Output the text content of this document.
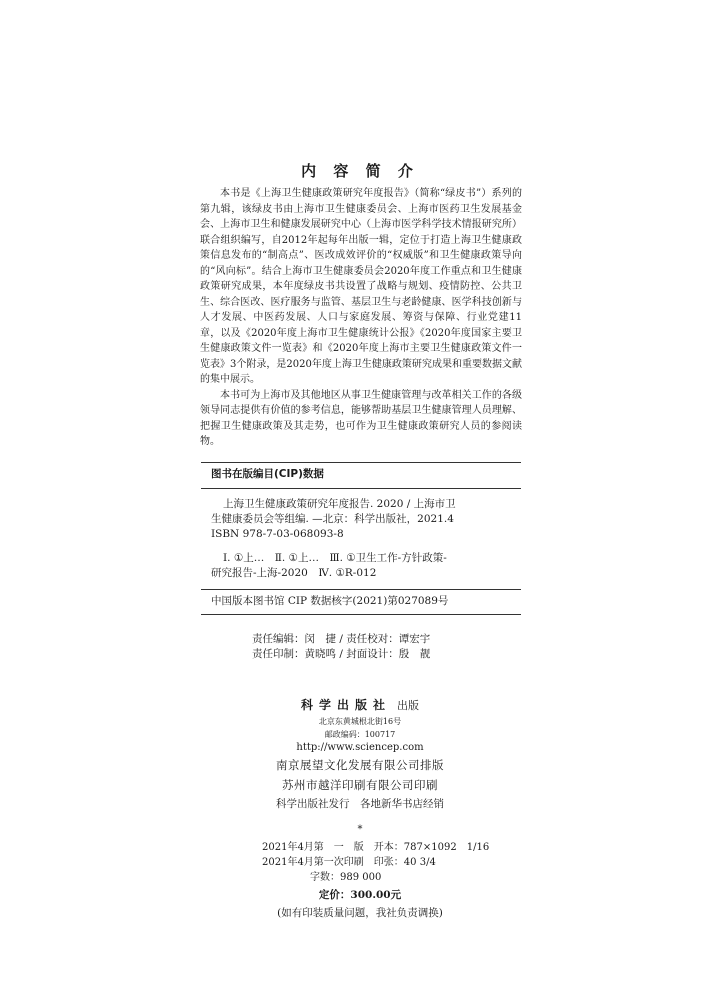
内 容 简 介

本书是《上海卫生健康政策研究年度报告》（简称“绿皮书”）系列的第九辑，该绿皮书由上海市卫生健康委员会、上海市医药卫生发展基金会、上海市卫生和健康发展研究中心（上海市医学科学技术情报研究所）联合组织编写，自2012年起每年出版一辑，定位于打造上海卫生健康政策信息发布的“制高点”、医改成效评价的“权威版”和卫生健康政策导向的“风向标”。结合上海市卫生健康委员会2020年度工作重点和卫生健康政策研究成果，本年度绿皮书共设置了战略与规划、疫情防控、公共卫生、综合医改、医疗服务与监管、基层卫生与老龄健康、医学科技创新与人才发展、中医药发展、人口与家庭发展、筹资与保障、行业党建11章，以及《2020年度上海市卫生健康统计公报》《2020年度国家主要卫生健康政策文件一览表》和《2020年度上海市主要卫生健康政策文件一览表》3个附录，是2020年度上海卫生健康政策研究成果和重要数据文献的集中展示。

本书可为上海市及其他地区从事卫生健康管理与改革相关工作的各级领导同志提供有价值的参考信息，能够帮助基层卫生健康管理人员理解、把握卫生健康政策及其走势，也可作为卫生健康政策研究人员的参阅读物。

图书在版编目(CIP)数据
上海卫生健康政策研究年度报告. 2020 / 上海市卫
生健康委员会等组编. —北京：科学出版社，2021.4
ISBN 978-7-03-068093-8
Ⅰ. ①上…　Ⅱ. ①上…　Ⅲ. ①卫生工作-方针政策-
研究报告-上海-2020　Ⅳ. ①R-012
中国版本图书馆 CIP 数据核字(2021)第027089号
责任编辑：闵　捷 / 责任校对：谭宏宇
责任印制：黄晓鸣 / 封面设计：殷　靓
科学出版社 出版
北京东黄城根北街16号
邮政编码：100717
http://www.sciencep.com
南京展望文化发展有限公司排版
苏州市越洋印刷有限公司印刷
科学出版社发行　各地新华书店经销
*
2021年4月第　一　版　开本：787×1092　1/16
2021年4月第一次印刷　印张：40 3/4
字数：989 000
定价：300.00元
(如有印装质量问题，我社负责调换)
